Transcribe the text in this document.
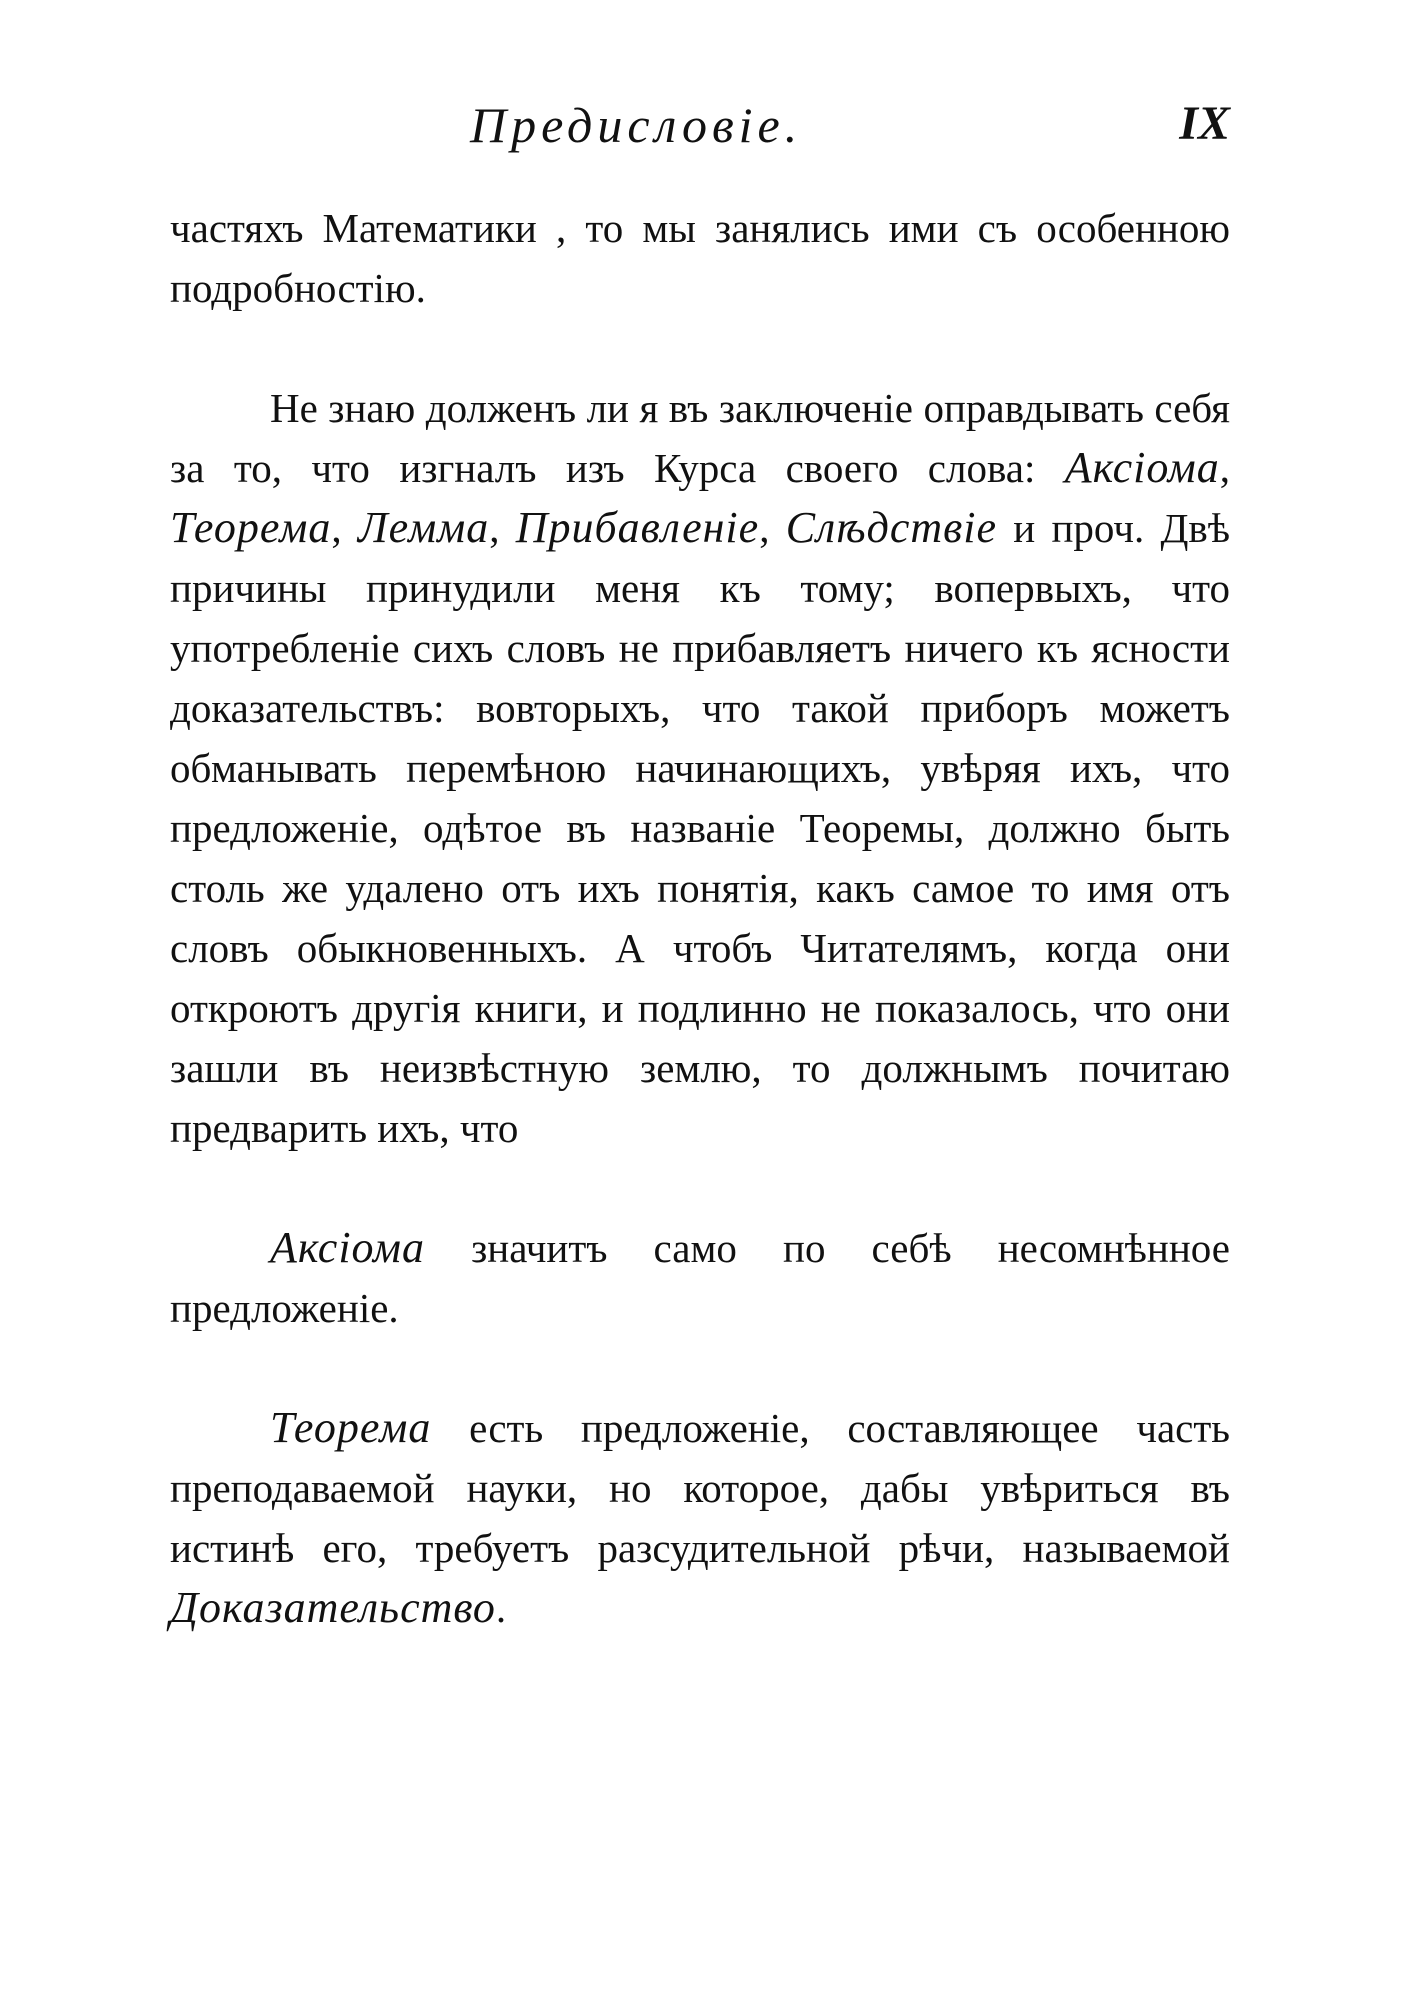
Предисловіе.	IX

частяхъ Математики , то мы занялись ими съ особенною подробностію.

Не знаю долженъ ли я въ заключеніе оправдывать себя за то, что изгналъ изъ Курса своего слова: Аксіома, Теорема, Лемма, Прибавленіе, Слѣдствіе и проч. Двѣ причины принудили меня къ тому; вопервыхъ, что употребленіе сихъ словъ не прибавляетъ ничего къ ясности доказательствъ: вовторыхъ, что такой приборъ можетъ обманывать перемѣною начинающихъ, увѣряя ихъ, что предложеніе, одѣтое въ названіе Теоремы, должно быть столь же удалено отъ ихъ понятія, какъ самое то имя отъ словъ обыкновенныхъ. А чтобъ Читателямъ, когда они откроютъ другія книги, и подлинно не показалось, что они зашли въ неизвѣстную землю, то должнымъ почитаю предварить ихъ, что

Аксіома значитъ само по себѣ несомнѣнное предложеніе.

Теорема есть предложеніе, составляющее часть преподаваемой науки, но которое, дабы увѣриться въ истинѣ его, требуетъ разсудительной рѣчи, называемой Доказательство.
